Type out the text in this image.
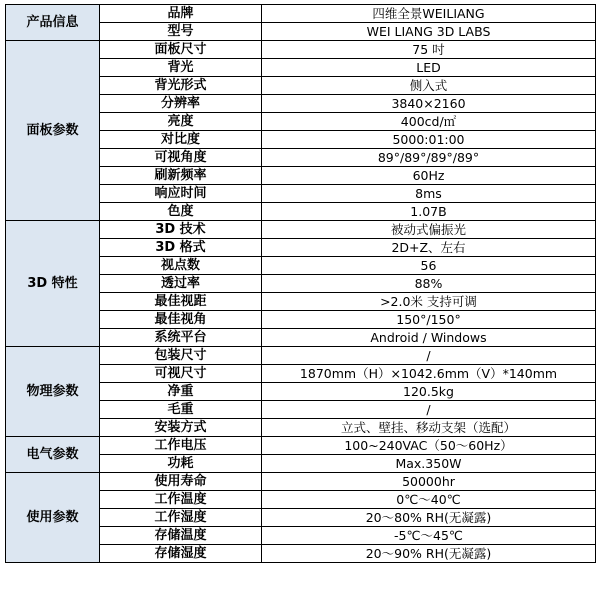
产品信息	品牌	四维全景WEILIANG
	型号	WEI LIANG 3D LABS
面板参数	面板尺寸	75 吋
	背光	LED
	背光形式	侧入式
	分辨率	3840×2160
	亮度	400cd/㎡
	对比度	5000:01:00
	可视角度	89°/89°/89°/89°
	刷新频率	60Hz
	响应时间	8ms
	色度	1.07B
3D 特性	3D 技术	被动式偏振光
	3D 格式	2D+Z、左右
	视点数	56
	透过率	88%
	最佳视距	>2.0米 支持可调
	最佳视角	150°/150°
	系统平台	Android / Windows
物理参数	包装尺寸	/
	可视尺寸	1870mm（H）×1042.6mm（V）*140mm
	净重	120.5kg
	毛重	/
	安装方式	立式、壁挂、移动支架（选配）
电气参数	工作电压	100~240VAC（50～60Hz）
	功耗	Max.350W
使用参数	使用寿命	50000hr
	工作温度	0℃～40℃
	工作湿度	20～80% RH(无凝露)
	存储温度	-5℃～45℃
	存储湿度	20～90% RH(无凝露)
